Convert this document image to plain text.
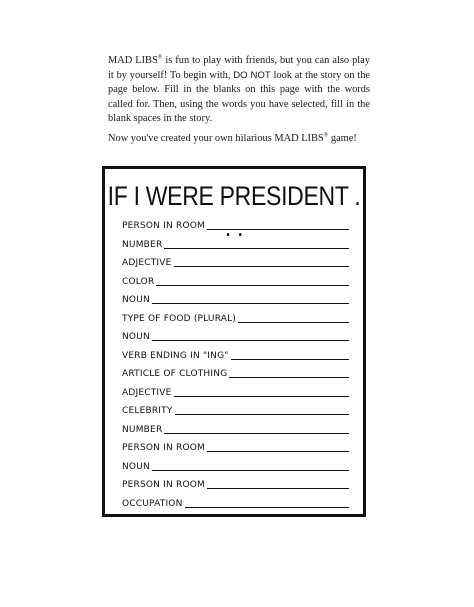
MAD LIBS® is fun to play with friends, but you can also play it by yourself! To begin with, DO NOT look at the story on the page below. Fill in the blanks on this page with the words called for. Then, using the words you have selected, fill in the blank spaces in the story.

Now you've created your own hilarious MAD LIBS® game!

IF I WERE PRESIDENT . . .
PERSON IN ROOM
NUMBER
ADJECTIVE
COLOR
NOUN
TYPE OF FOOD (PLURAL)
NOUN
VERB ENDING IN "ING"
ARTICLE OF CLOTHING
ADJECTIVE
CELEBRITY
NUMBER
PERSON IN ROOM
NOUN
PERSON IN ROOM
OCCUPATION
